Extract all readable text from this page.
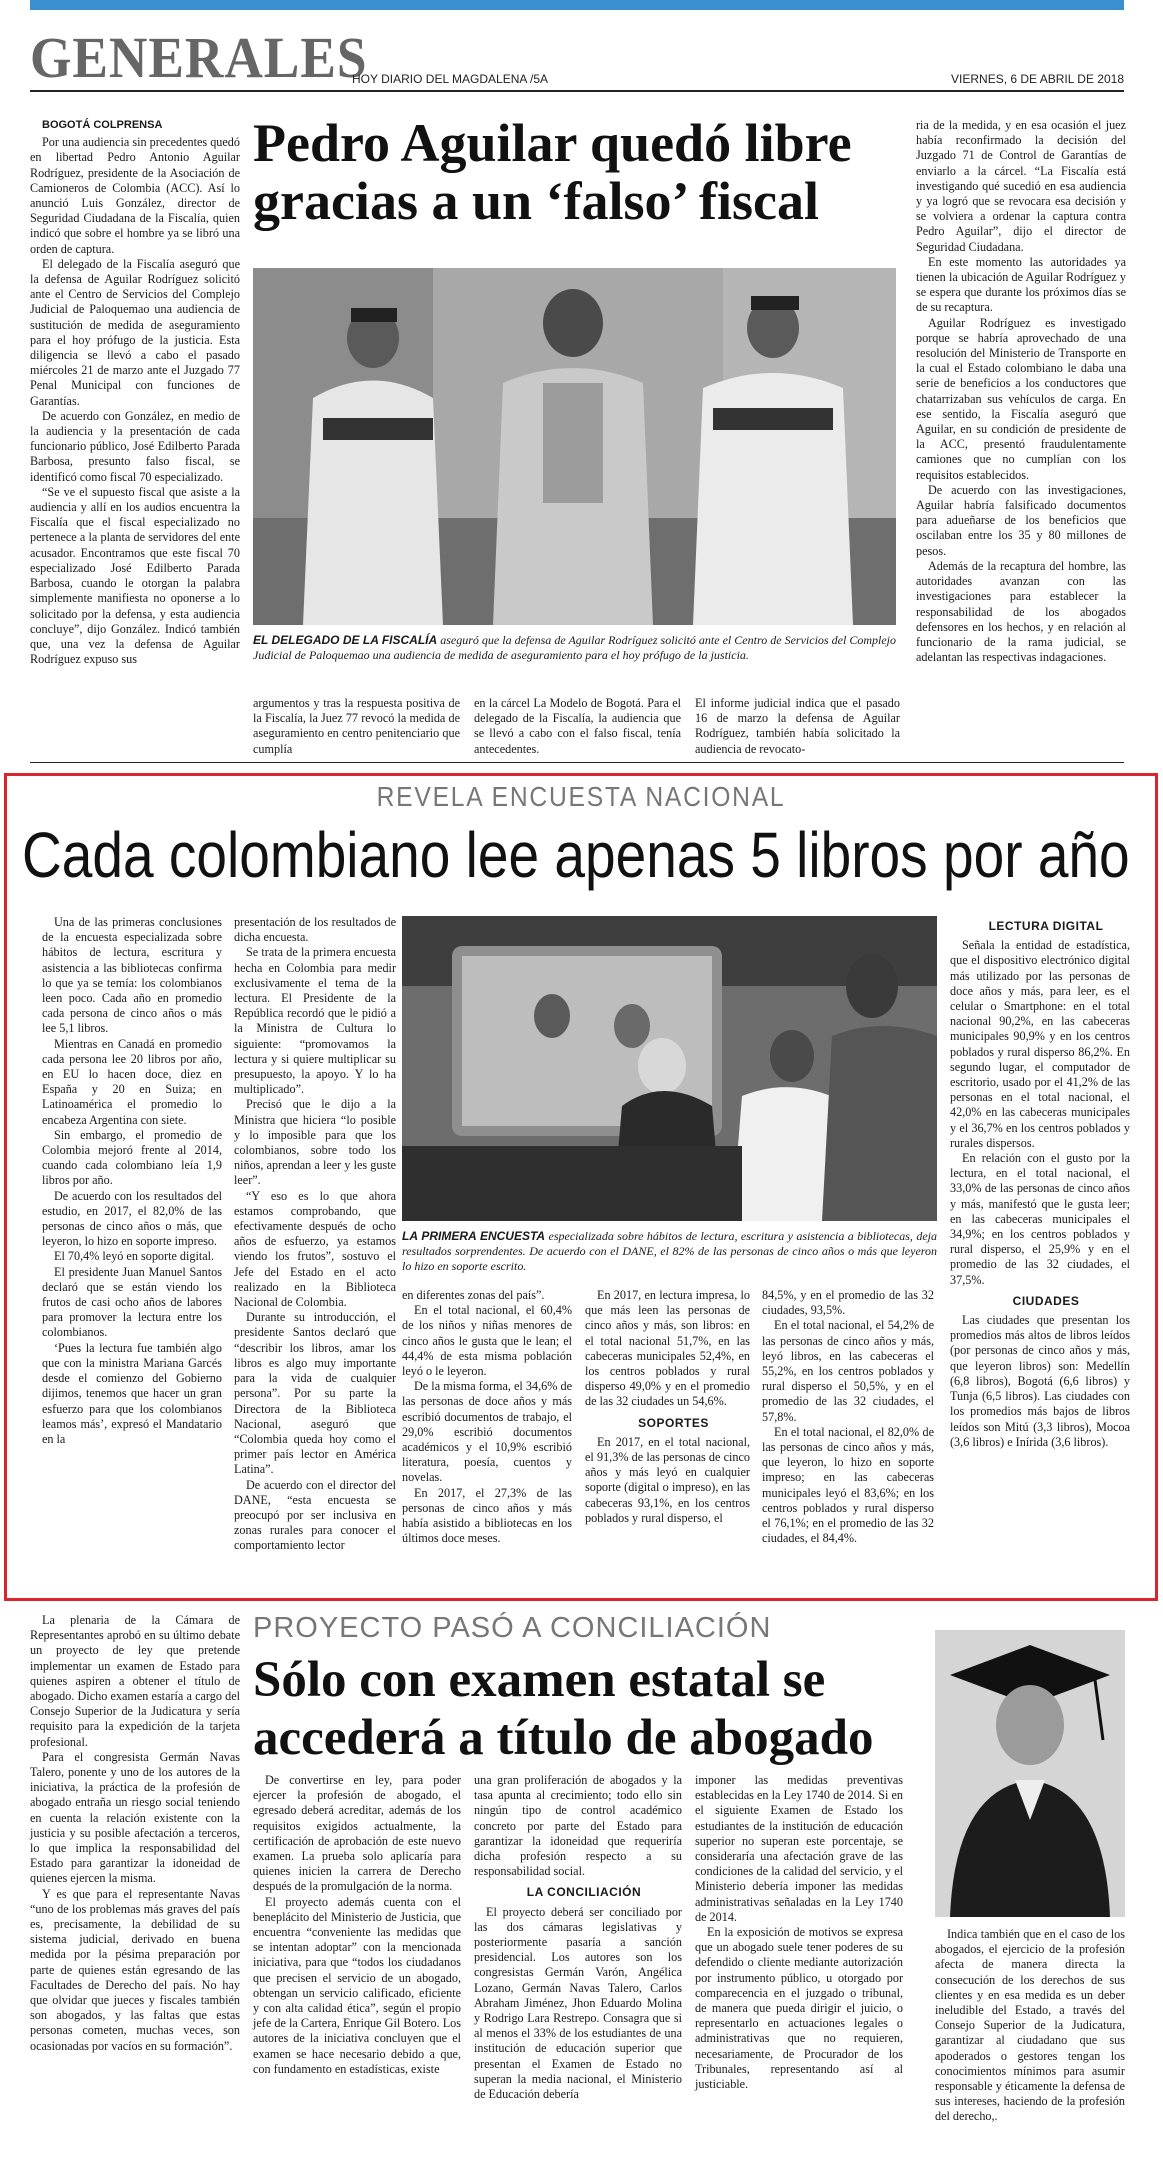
GENERALES
HOY DIARIO DEL MAGDALENA /5A	VIERNES, 6 DE ABRIL DE 2018

BOGOTÁ COLPRENSA

Por una audiencia sin precedentes quedó en libertad Pedro Antonio Aguilar Rodríguez, presidente de la Asociación de Camioneros de Colombia (ACC). Así lo anunció Luis González, director de Seguridad Ciudadana de la Fiscalía, quien indicó que sobre el hombre ya se libró una orden de captura.

El delegado de la Fiscalía aseguró que la defensa de Aguilar Rodríguez solicitó ante el Centro de Servicios del Complejo Judicial de Paloquemao una audiencia de sustitución de medida de aseguramiento para el hoy prófugo de la justicia. Esta diligencia se llevó a cabo el pasado miércoles 21 de marzo ante el Juzgado 77 Penal Municipal con funciones de Garantías.

De acuerdo con González, en medio de la audiencia y la presentación de cada funcionario público, José Edilberto Parada Barbosa, presunto falso fiscal, se identificó como fiscal 70 especializado.

“Se ve el supuesto fiscal que asiste a la audiencia y allí en los audios encuentra la Fiscalía que el fiscal especializado no pertenece a la planta de servidores del ente acusador. Encontramos que este fiscal 70 especializado José Edilberto Parada Barbosa, cuando le otorgan la palabra simplemente manifiesta no oponerse a lo solicitado por la defensa, y esta audiencia concluye”, dijo González. Indicó también que, una vez la defensa de Aguilar Rodríguez expuso sus

Pedro Aguilar quedó libre gracias a un ‘falso’ fiscal
EL DELEGADO DE LA FISCALÍA aseguró que la defensa de Aguilar Rodríguez solicitó ante el Centro de Servicios del Complejo Judicial de Paloquemao una audiencia de medida de aseguramiento para el hoy prófugo de la justicia.

argumentos y tras la respuesta positiva de la Fiscalía, la Juez 77 revocó la medida de aseguramiento en centro penitenciario que cumplía

en la cárcel La Modelo de Bogotá. Para el delegado de la Fiscalía, la audiencia que se llevó a cabo con el falso fiscal, tenía antecedentes.

El informe judicial indica que el pasado 16 de marzo la defensa de Aguilar Rodríguez, también había solicitado la audiencia de revocato-

ria de la medida, y en esa ocasión el juez había reconfirmado la decisión del Juzgado 71 de Control de Garantías de enviarlo a la cárcel. “La Fiscalía está investigando qué sucedió en esa audiencia y ya logró que se revocara esa decisión y se volviera a ordenar la captura contra Pedro Aguilar”, dijo el director de Seguridad Ciudadana.

En este momento las autoridades ya tienen la ubicación de Aguilar Rodríguez y se espera que durante los próximos días se de su recaptura.

Aguilar Rodríguez es investigado porque se habría aprovechado de una resolución del Ministerio de Transporte en la cual el Estado colombiano le daba una serie de beneficios a los conductores que chatarrizaban sus vehículos de carga. En ese sentido, la Fiscalía aseguró que Aguilar, en su condición de presidente de la ACC, presentó fraudulentamente camiones que no cumplían con los requisitos establecidos.

De acuerdo con las investigaciones, Aguilar habría falsificado documentos para adueñarse de los beneficios que oscilaban entre los 35 y 80 millones de pesos.

Además de la recaptura del hombre, las autoridades avanzan con las investigaciones para establecer la responsabilidad de los abogados defensores en los hechos, y en relación al funcionario de la rama judicial, se adelantan las respectivas indagaciones.

REVELA ENCUESTA NACIONAL
Cada colombiano lee apenas 5 libros por año

Una de las primeras conclusiones de la encuesta especializada sobre hábitos de lectura, escritura y asistencia a las bibliotecas confirma lo que ya se temía: los colombianos leen poco. Cada año en promedio cada persona de cinco años o más lee 5,1 libros.

Mientras en Canadá en promedio cada persona lee 20 libros por año, en EU lo hacen doce, diez en España y 20 en Suiza; en Latinoamérica el promedio lo encabeza Argentina con siete.

Sin embargo, el promedio de Colombia mejoró frente al 2014, cuando cada colombiano leía 1,9 libros por año.

De acuerdo con los resultados del estudio, en 2017, el 82,0% de las personas de cinco años o más, que leyeron, lo hizo en soporte impreso.

El 70,4% leyó en soporte digital.

El presidente Juan Manuel Santos declaró que se están viendo los frutos de casi ocho años de labores para promover la lectura entre los colombianos.

‘Pues la lectura fue también algo que con la ministra Mariana Garcés desde el comienzo del Gobierno dijimos, tenemos que hacer un gran esfuerzo para que los colombianos leamos más’, expresó el Mandatario en la

presentación de los resultados de dicha encuesta.

Se trata de la primera encuesta hecha en Colombia para medir exclusivamente el tema de la lectura. El Presidente de la República recordó que le pidió a la Ministra de Cultura lo siguiente: “promovamos la lectura y si quiere multiplicar su presupuesto, la apoyo. Y lo ha multiplicado”.

Precisó que le dijo a la Ministra que hiciera “lo posible y lo imposible para que los colombianos, sobre todo los niños, aprendan a leer y les guste leer”.

“Y eso es lo que ahora estamos comprobando, que efectivamente después de ocho años de esfuerzo, ya estamos viendo los frutos”, sostuvo el Jefe del Estado en el acto realizado en la Biblioteca Nacional de Colombia.

Durante su introducción, el presidente Santos declaró que “describir los libros, amar los libros es algo muy importante para la vida de cualquier persona”. Por su parte la Directora de la Biblioteca Nacional, aseguró que “Colombia queda hoy como el primer país lector en América Latina”.

De acuerdo con el director del DANE, “esta encuesta se preocupó por ser inclusiva en zonas rurales para conocer el comportamiento lector

LA PRIMERA ENCUESTA especializada sobre hábitos de lectura, escritura y asistencia a bibliotecas, deja resultados sorprendentes. De acuerdo con el DANE, el 82% de las personas de cinco años o más que leyeron lo hizo en soporte escrito.

en diferentes zonas del país”.

En el total nacional, el 60,4% de los niños y niñas menores de cinco años le gusta que le lean; el 44,4% de esta misma población leyó o le leyeron.

De la misma forma, el 34,6% de las personas de doce años y más escribió documentos de trabajo, el 29,0% escribió documentos académicos y el 10,9% escribió literatura, poesía, cuentos y novelas.

En 2017, el 27,3% de las personas de cinco años y más había asistido a bibliotecas en los últimos doce meses.

En 2017, en lectura impresa, lo que más leen las personas de cinco años y más, son libros: en el total nacional 51,7%, en las cabeceras municipales 52,4%, en los centros poblados y rural disperso 49,0% y en el promedio de las 32 ciudades un 54,6%.

SOPORTES

En 2017, en el total nacional, el 91,3% de las personas de cinco años y más leyó en cualquier soporte (digital o impreso), en las cabeceras 93,1%, en los centros poblados y rural disperso, el

84,5%, y en el promedio de las 32 ciudades, 93,5%.

En el total nacional, el 54,2% de las personas de cinco años y más, leyó libros, en las cabeceras el 55,2%, en los centros poblados y rural disperso el 50,5%, y en el promedio de las 32 ciudades, el 57,8%.

En el total nacional, el 82,0% de las personas de cinco años y más, que leyeron, lo hizo en soporte impreso; en las cabeceras municipales leyó el 83,6%; en los centros poblados y rural disperso el 76,1%; en el promedio de las 32 ciudades, el 84,4%.

LECTURA DIGITAL

Señala la entidad de estadística, que el dispositivo electrónico digital más utilizado por las personas de doce años y más, para leer, es el celular o Smartphone: en el total nacional 90,2%, en las cabeceras municipales 90,9% y en los centros poblados y rural disperso 86,2%. En segundo lugar, el computador de escritorio, usado por el 41,2% de las personas en el total nacional, el 42,0% en las cabeceras municipales y el 36,7% en los centros poblados y rurales dispersos.

En relación con el gusto por la lectura, en el total nacional, el 33,0% de las personas de cinco años y más, manifestó que le gusta leer; en las cabeceras municipales el 34,9%; en los centros poblados y rural disperso, el 25,9% y en el promedio de las 32 ciudades, el 37,5%.

CIUDADES

Las ciudades que presentan los promedios más altos de libros leídos (por personas de cinco años y más, que leyeron libros) son: Medellín (6,8 libros), Bogotá (6,6 libros) y Tunja (6,5 libros). Las ciudades con los promedios más bajos de libros leídos son Mitú (3,3 libros), Mocoa (3,6 libros) e Inírida (3,6 libros).

La plenaria de la Cámara de Representantes aprobó en su último debate un proyecto de ley que pretende implementar un examen de Estado para quienes aspiren a obtener el título de abogado. Dicho examen estaría a cargo del Consejo Superior de la Judicatura y sería requisito para la expedición de la tarjeta profesional.

Para el congresista Germán Navas Talero, ponente y uno de los autores de la iniciativa, la práctica de la profesión de abogado entraña un riesgo social teniendo en cuenta la relación existente con la justicia y su posible afectación a terceros, lo que implica la responsabilidad del Estado para garantizar la idoneidad de quienes ejercen la misma.

Y es que para el representante Navas “uno de los problemas más graves del país es, precisamente, la debilidad de su sistema judicial, derivado en buena medida por la pésima preparación por parte de quienes están egresando de las Facultades de Derecho del país. No hay que olvidar que jueces y fiscales también son abogados, y las faltas que estas personas cometen, muchas veces, son ocasionadas por vacíos en su formación”.

PROYECTO PASÓ A CONCILIACIÓN
Sólo con examen estatal se accederá a título de abogado

De convertirse en ley, para poder ejercer la profesión de abogado, el egresado deberá acreditar, además de los requisitos exigidos actualmente, la certificación de aprobación de este nuevo examen. La prueba solo aplicaría para quienes inicien la carrera de Derecho después de la promulgación de la norma.

El proyecto además cuenta con el beneplácito del Ministerio de Justicia, que encuentra “conveniente las medidas que se intentan adoptar” con la mencionada iniciativa, para que “todos los ciudadanos que precisen el servicio de un abogado, obtengan un servicio calificado, eficiente y con alta calidad ética”, según el propio jefe de la Cartera, Enrique Gil Botero. Los autores de la iniciativa concluyen que el examen se hace necesario debido a que, con fundamento en estadísticas, existe

una gran proliferación de abogados y la tasa apunta al crecimiento; todo ello sin ningún tipo de control académico concreto por parte del Estado para garantizar la idoneidad que requeriría dicha profesión respecto a su responsabilidad social.

LA CONCILIACIÓN

El proyecto deberá ser conciliado por las dos cámaras legislativas y posteriormente pasaría a sanción presidencial. Los autores son los congresistas Germán Varón, Angélica Lozano, Germán Navas Talero, Carlos Abraham Jiménez, Jhon Eduardo Molina y Rodrigo Lara Restrepo. Consagra que si al menos el 33% de los estudiantes de una institución de educación superior que presentan el Examen de Estado no superan la media nacional, el Ministerio de Educación debería

imponer las medidas preventivas establecidas en la Ley 1740 de 2014. Si en el siguiente Examen de Estado los estudiantes de la institución de educación superior no superan este porcentaje, se consideraría una afectación grave de las condiciones de la calidad del servicio, y el Ministerio debería imponer las medidas administrativas señaladas en la Ley 1740 de 2014.

En la exposición de motivos se expresa que un abogado suele tener poderes de su defendido o cliente mediante autorización por instrumento público, u otorgado por comparecencia en el juzgado o tribunal, de manera que pueda dirigir el juicio, o representarlo en actuaciones legales o administrativas que no requieren, necesariamente, de Procurador de los Tribunales, representando así al justiciable.

Indica también que en el caso de los abogados, el ejercicio de la profesión afecta de manera directa la consecución de los derechos de sus clientes y en esa medida es un deber ineludible del Estado, a través del Consejo Superior de la Judicatura, garantizar al ciudadano que sus apoderados o gestores tengan los conocimientos mínimos para asumir responsable y éticamente la defensa de sus intereses, haciendo de la profesión del derecho,.
